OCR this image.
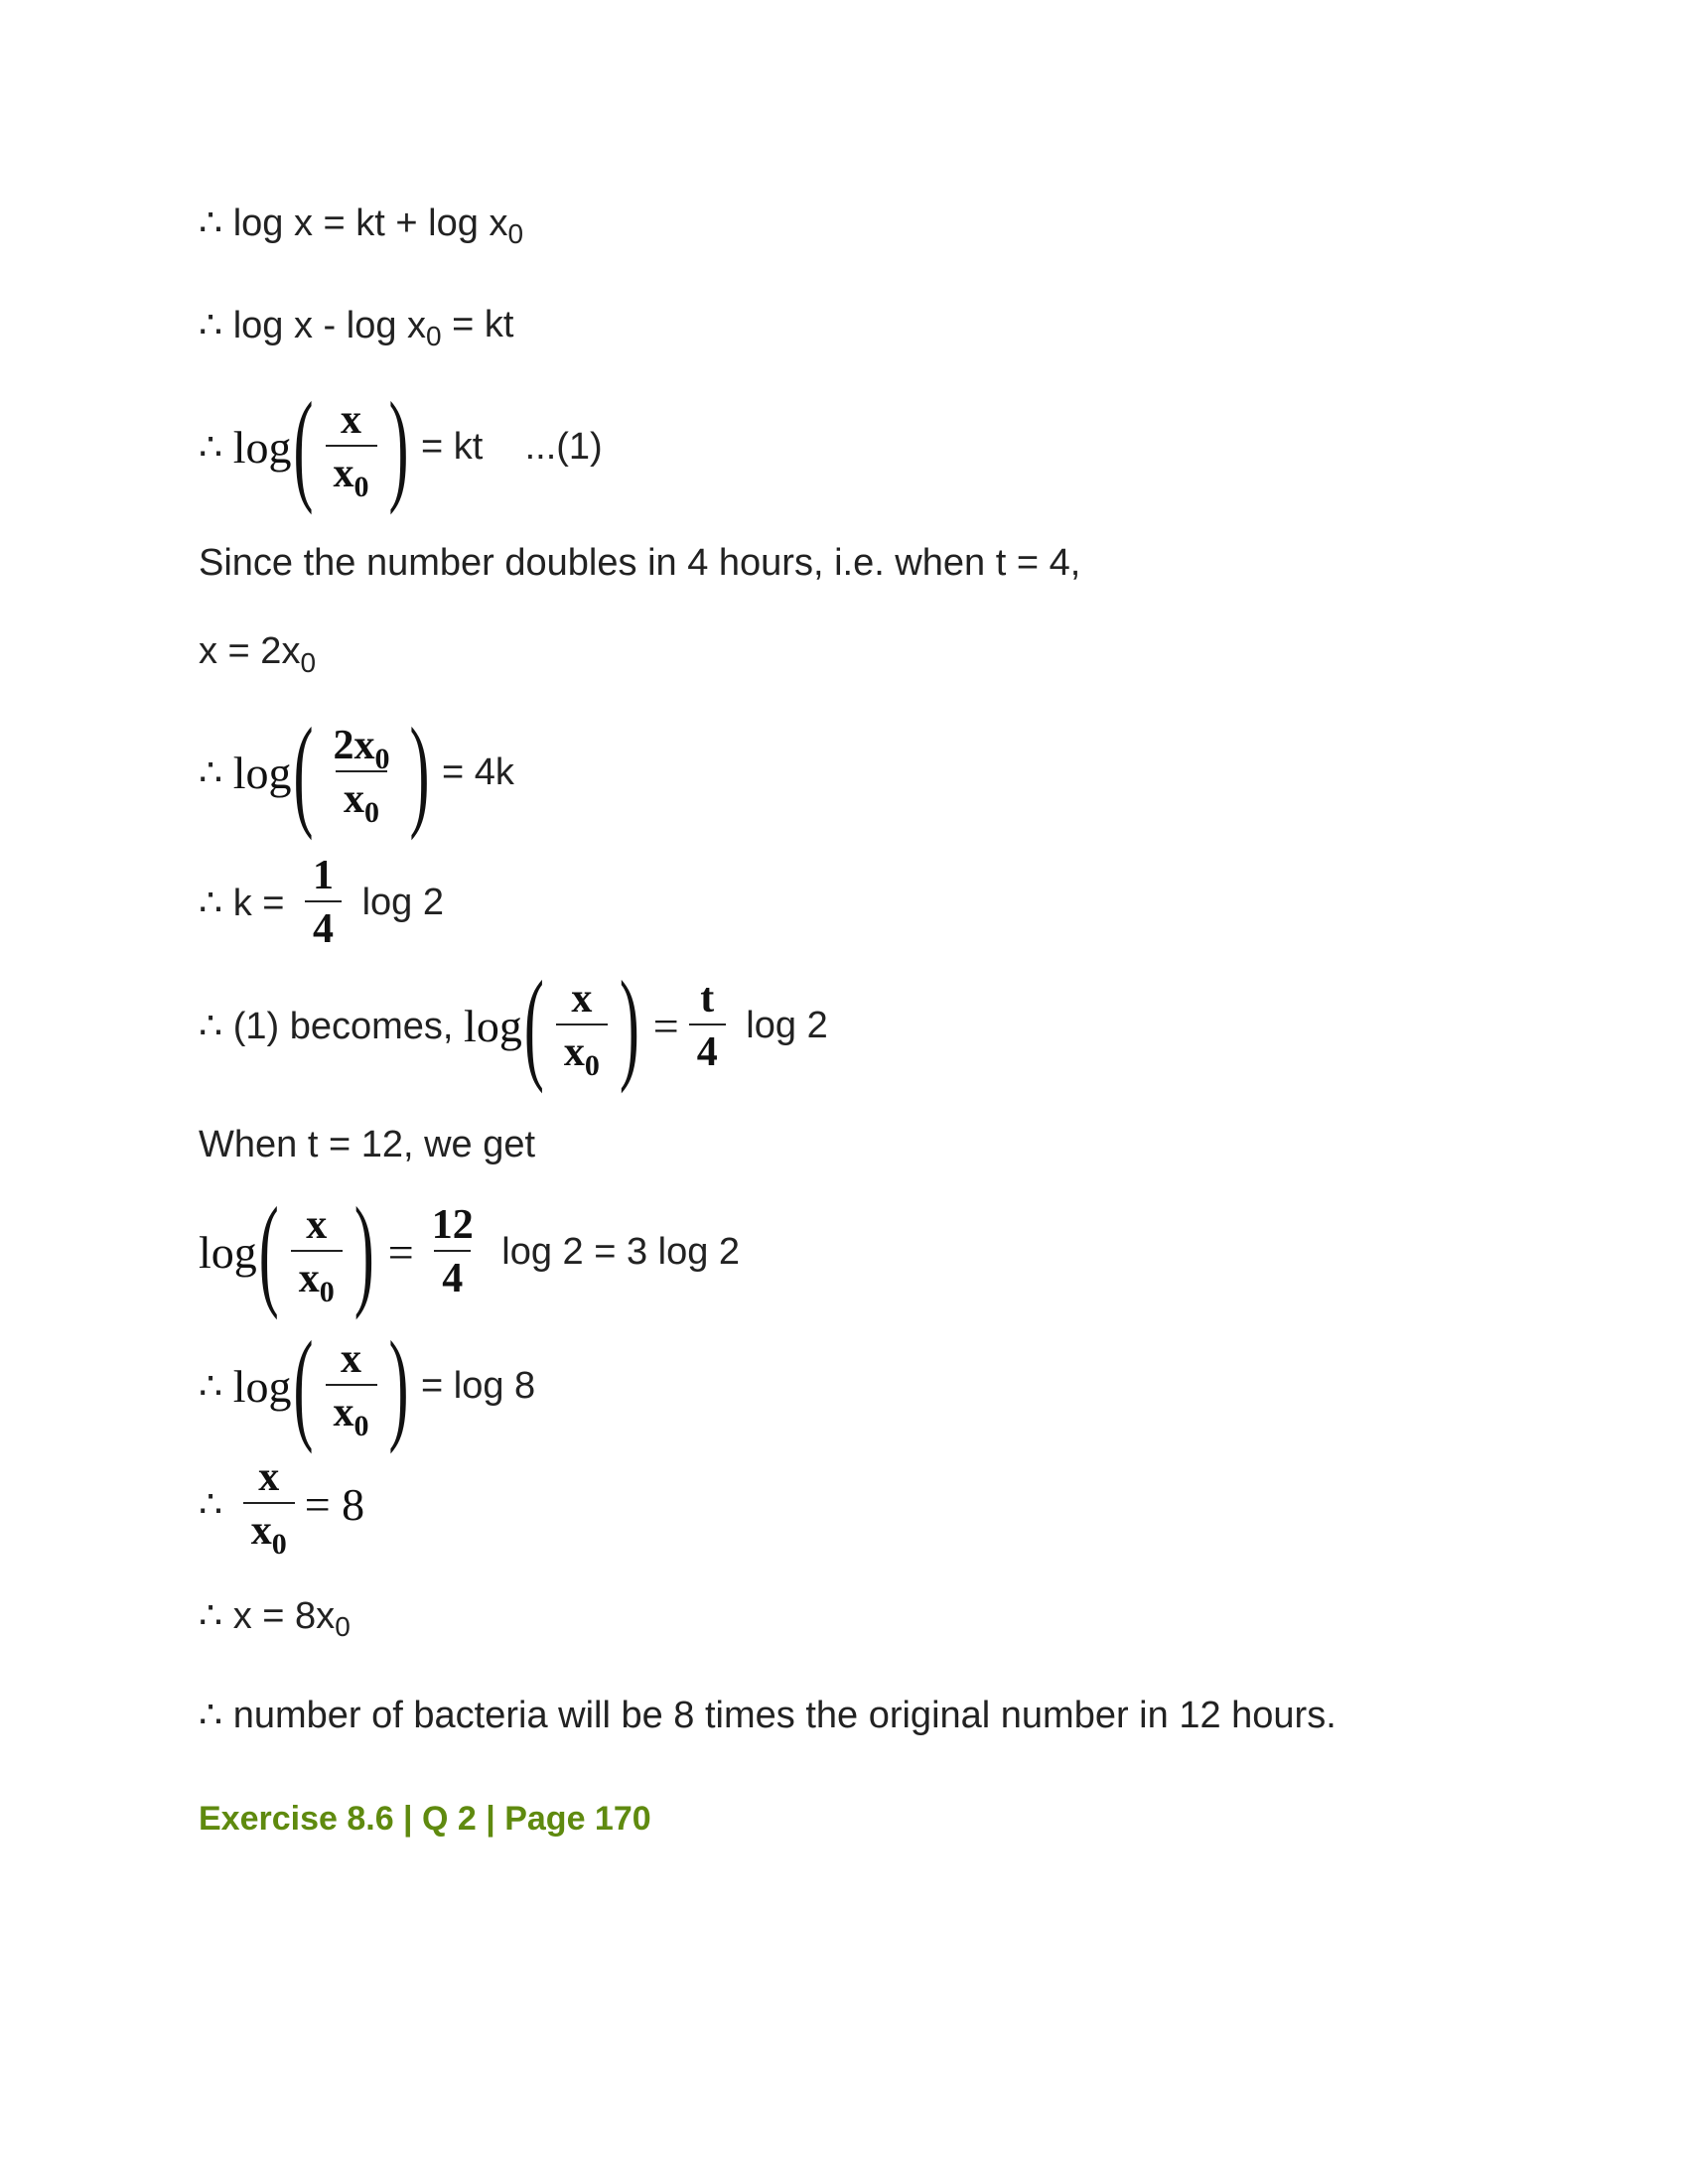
∴ log x = kt + log x 0
∴ log x - log x 0 = kt
∴ log ( $\frac{x}{x_0}$ ) = kt    ...(1)
Since the number doubles in 4 hours, i.e. when t = 4,
x = 2x 0
∴ log ( $\frac{2x_0}{x_0}$ ) = 4k
∴ $k = \frac{1}{4}$ log 2
∴ (1) becomes, log ( $\frac{x}{x_0}$ ) = $\frac{t}{4}$ log 2
When t = 12, we get
log ( $\frac{x}{x_0}$ ) = $\frac{12}{4}$ log 2 = 3 log 2
∴ log ( $\frac{x}{x_0}$ ) = log 8
∴ $\frac{x}{x_0} = 8$
∴ x = 8x 0
∴ number of bacteria will be 8 times the original number in 12 hours.
Exercise 8.6 | Q 2 | Page 170
